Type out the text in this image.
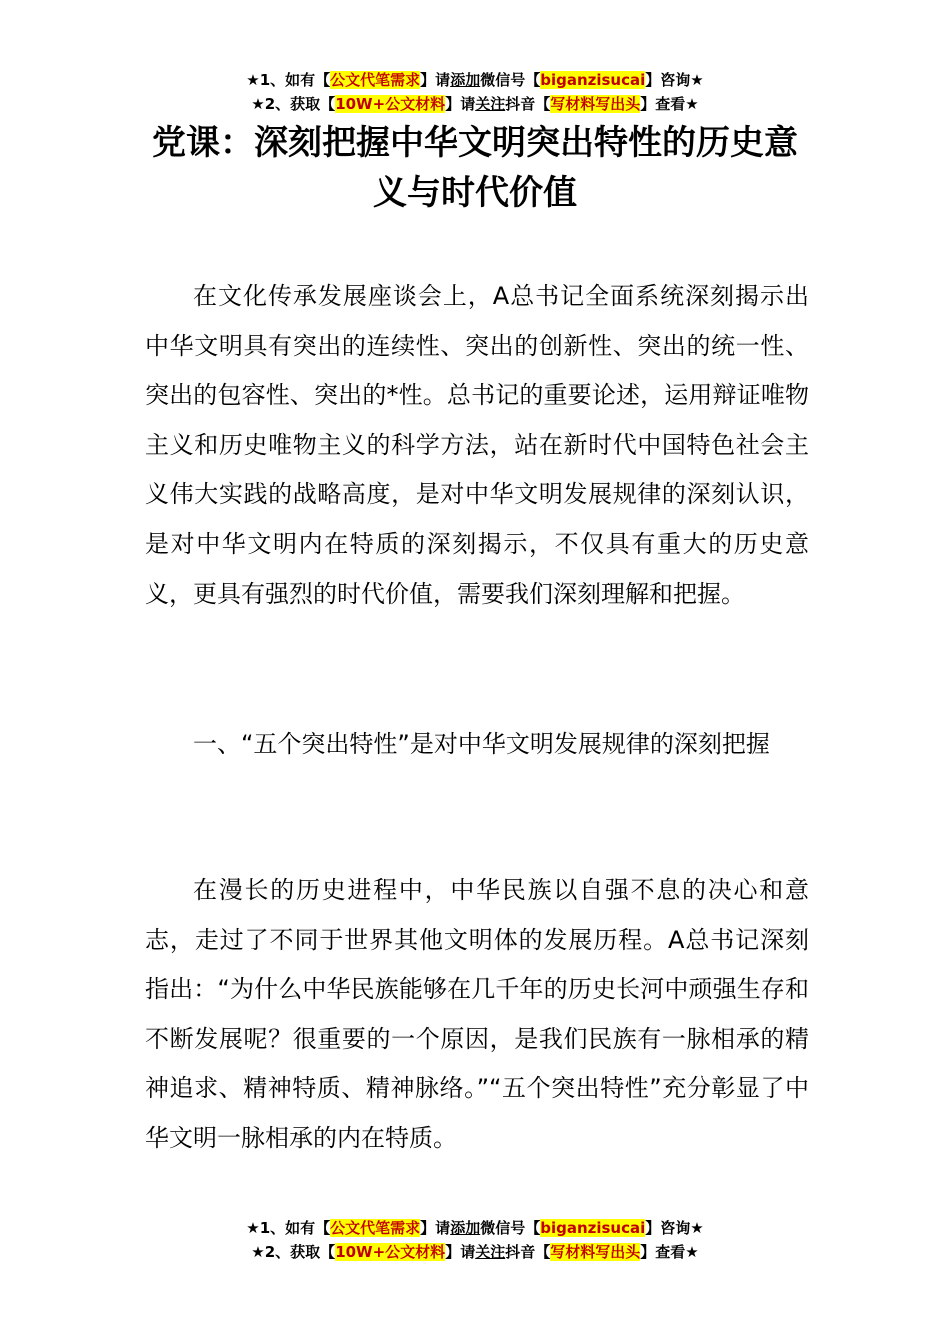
★1、如有【公文代笔需求】请添加微信号【biganzisucai】咨询★
★2、获取【10W+公文材料】请关注抖音【写材料写出头】查看★
党课：深刻把握中华文明突出特性的历史意义与时代价值

在文化传承发展座谈会上，A总书记全面系统深刻揭示出中华文明具有突出的连续性、突出的创新性、突出的统一性、突出的包容性、突出的*性。总书记的重要论述，运用辩证唯物主义和历史唯物主义的科学方法，站在新时代中国特色社会主义伟大实践的战略高度，是对中华文明发展规律的深刻认识，是对中华文明内在特质的深刻揭示，不仅具有重大的历史意义，更具有强烈的时代价值，需要我们深刻理解和把握。

一、“五个突出特性”是对中华文明发展规律的深刻把握

在漫长的历史进程中，中华民族以自强不息的决心和意志，走过了不同于世界其他文明体的发展历程。A总书记深刻指出：“为什么中华民族能够在几千年的历史长河中顽强生存和不断发展呢？很重要的一个原因，是我们民族有一脉相承的精神追求、精神特质、精神脉络。”“五个突出特性”充分彰显了中华文明一脉相承的内在特质。

★1、如有【公文代笔需求】请添加微信号【biganzisucai】咨询★
★2、获取【10W+公文材料】请关注抖音【写材料写出头】查看★
